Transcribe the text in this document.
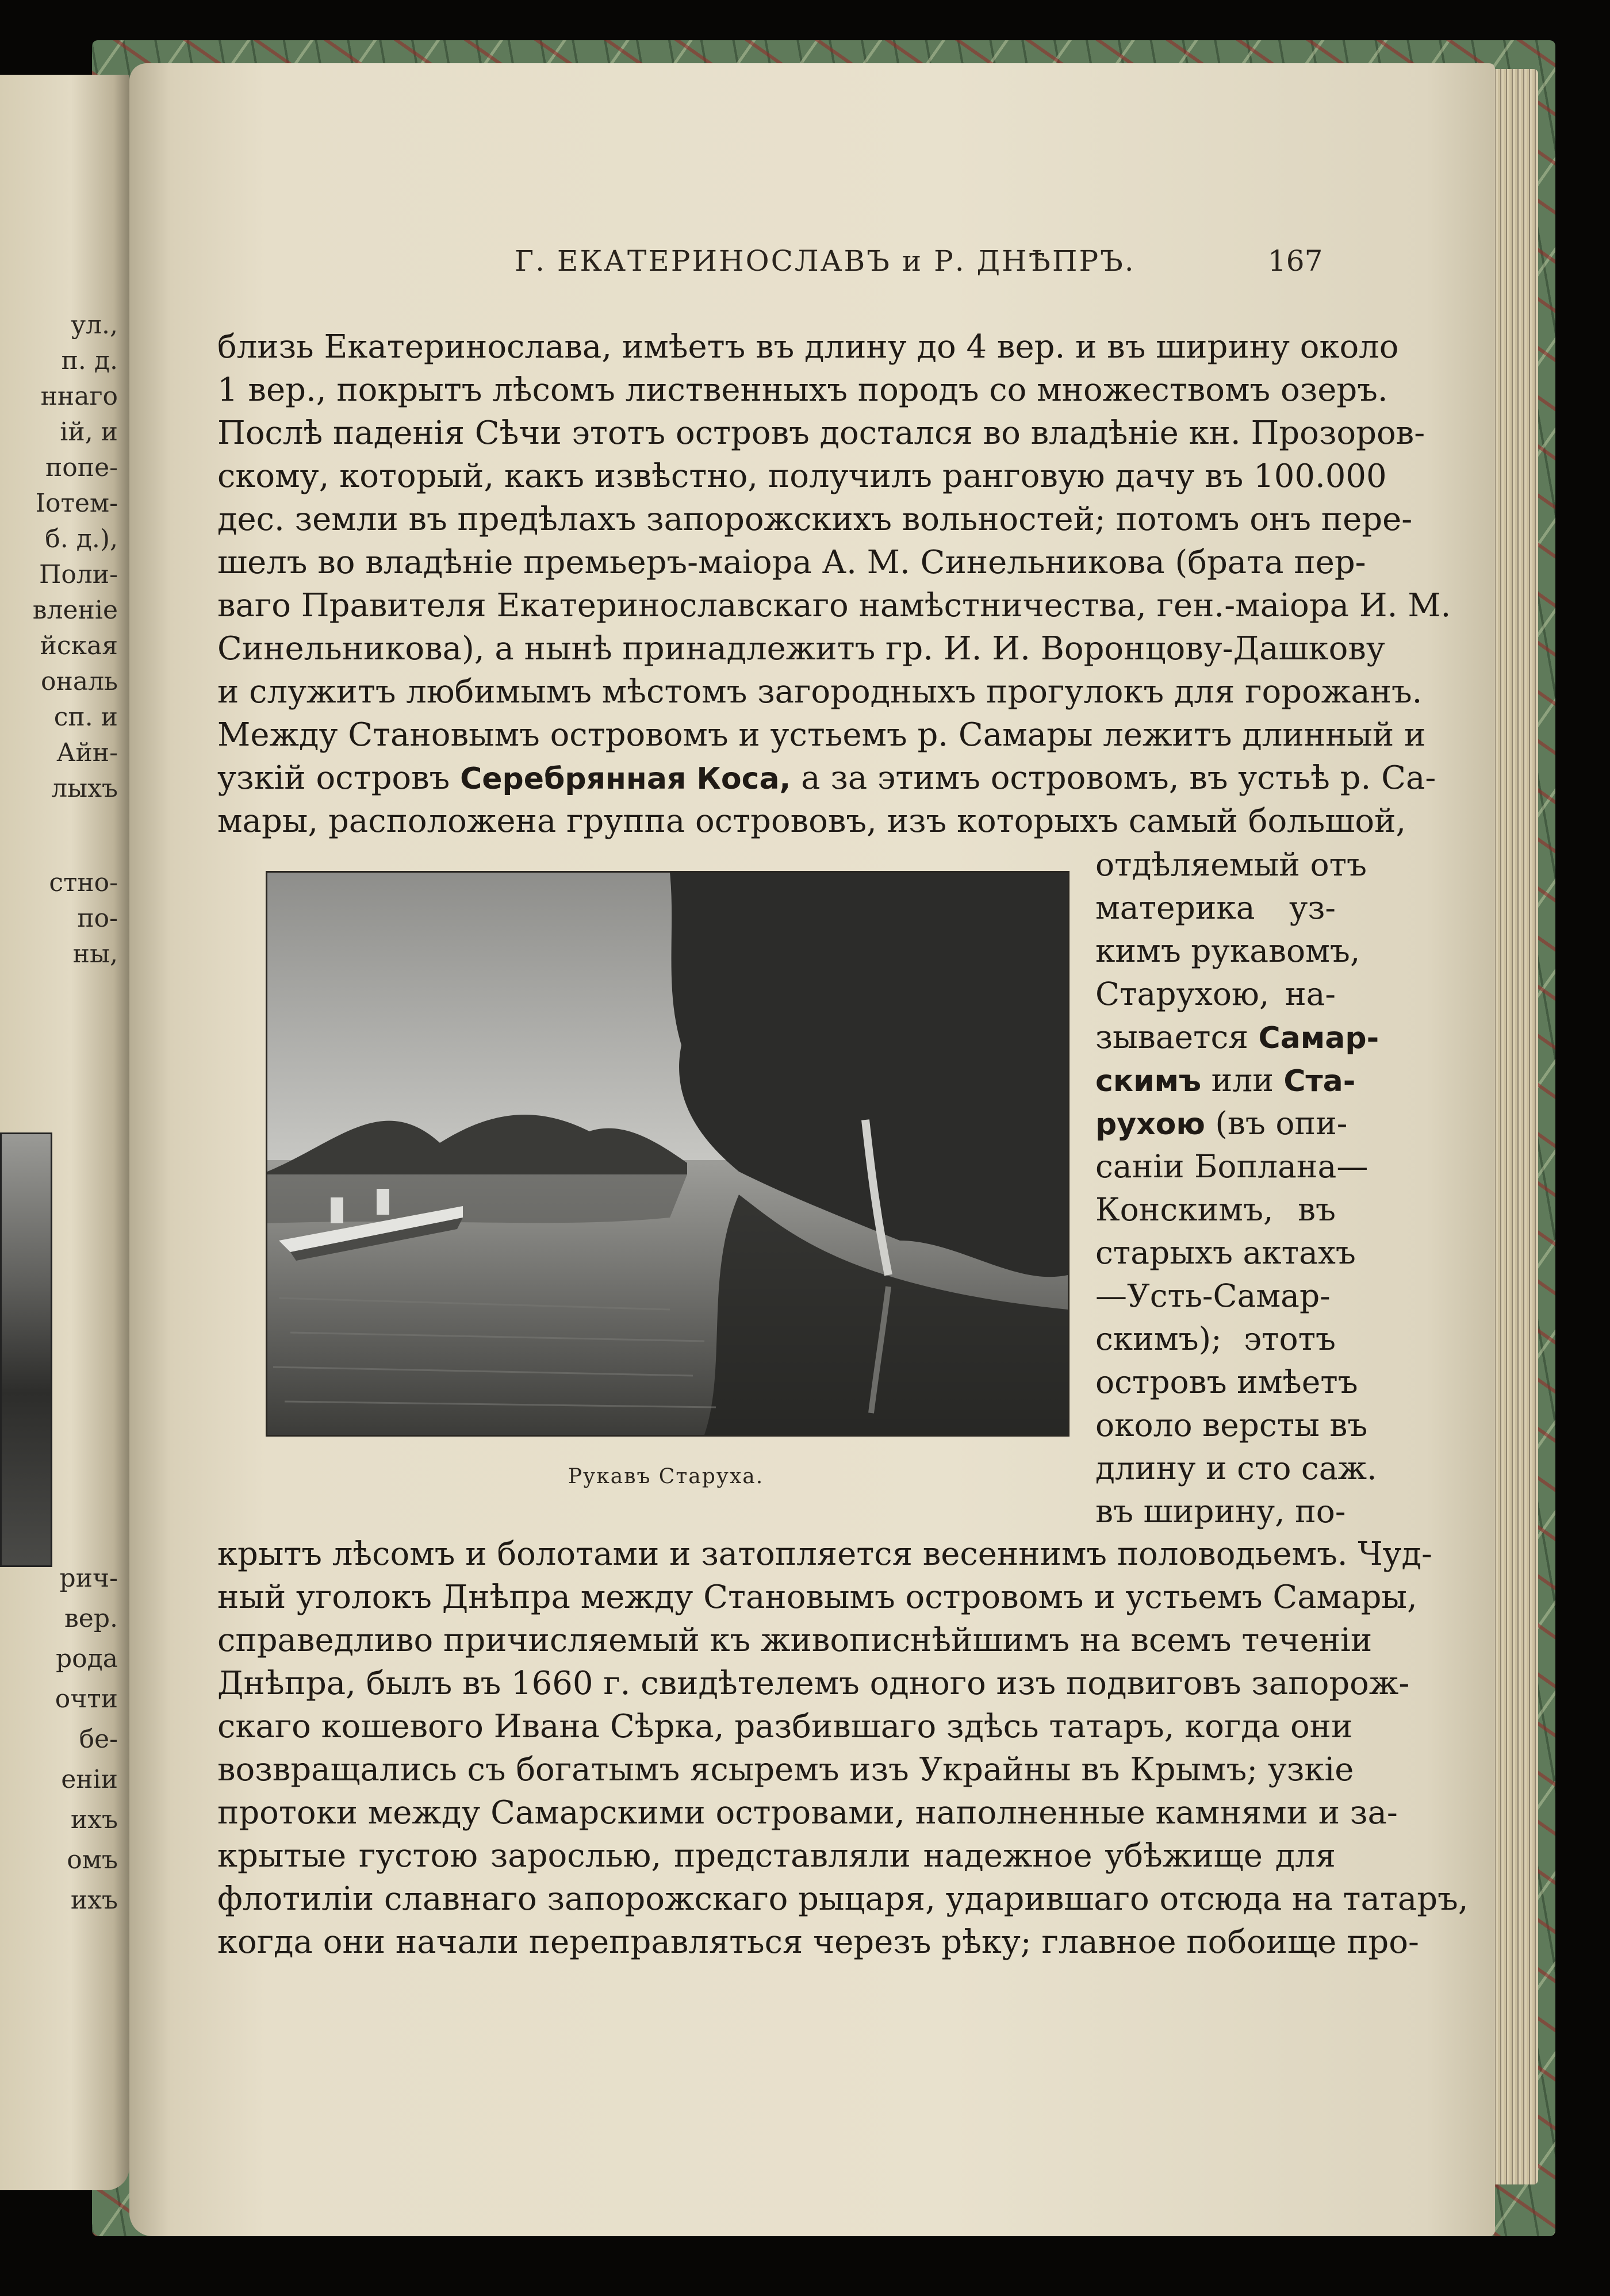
ул.,
п. д.
ннаго
ій, и
попе-
Іотем-
б. д.),
Поли-
вленіе
йская
ональ
сп. и
Айн-
лыхъ
стно-
по-
ны,
рич-
вер.
рода
очти
бе-
еніи
ихъ
омъ
ихъ
Г. ЕКАТЕРИНОСЛАВЪ и Р. ДНѢПРЪ.	167
близь Екатеринослава, имѣетъ въ длину до 4 вер. и въ ширину около
1 вер., покрытъ лѣсомъ лиственныхъ породъ со множествомъ озеръ.
Послѣ паденія Сѣчи этотъ островъ достался во владѣніе кн. Прозоров-
скому, который, какъ извѣстно, получилъ ранговую дачу въ 100.000
дес. земли въ предѣлахъ запорожскихъ вольностей; потомъ онъ пере-
шелъ во владѣніе премьеръ-маіора А. М. Синельникова (брата пер-
ваго Правителя Екатеринославскаго намѣстничества, ген.-маіора И. М.
Синельникова), а нынѣ принадлежитъ гр. И. И. Воронцову-Дашкову
и служитъ любимымъ мѣстомъ загородныхъ прогулокъ для горожанъ.
Между Становымъ островомъ и устьемъ р. Самары лежитъ длинный и
узкій островъ Серебрянная Коса, а за этимъ островомъ, въ устьѣ р. Са-
мары, расположена группа острововъ, изъ которыхъ самый большой,
Рукавъ Старуха.
отдѣляемый отъ
материка уз-
кимъ рукавомъ,
Старухою, на-
зывается Самар-
скимъ или Ста-
рухою (въ опи-
саніи Боплана—
Конскимъ, въ
старыхъ актахъ
—Усть-Самар-
скимъ); этотъ
островъ имѣетъ
около версты въ
длину и сто саж.
въ ширину, по-
крытъ лѣсомъ и болотами и затопляется весеннимъ половодьемъ. Чуд-
ный уголокъ Днѣпра между Становымъ островомъ и устьемъ Самары,
справедливо причисляемый къ живописнѣйшимъ на всемъ теченіи
Днѣпра, былъ въ 1660 г. свидѣтелемъ одного изъ подвиговъ запорож-
скаго кошевого Ивана Сѣрка, разбившаго здѣсь татаръ, когда они
возвращались съ богатымъ ясыремъ изъ Украйны въ Крымъ; узкіе
протоки между Самарскими островами, наполненные камнями и за-
крытые густою зарослью, представляли надежное убѣжище для
флотиліи славнаго запорожскаго рыцаря, ударившаго отсюда на татаръ,
когда они начали переправляться черезъ рѣку; главное побоище про-
